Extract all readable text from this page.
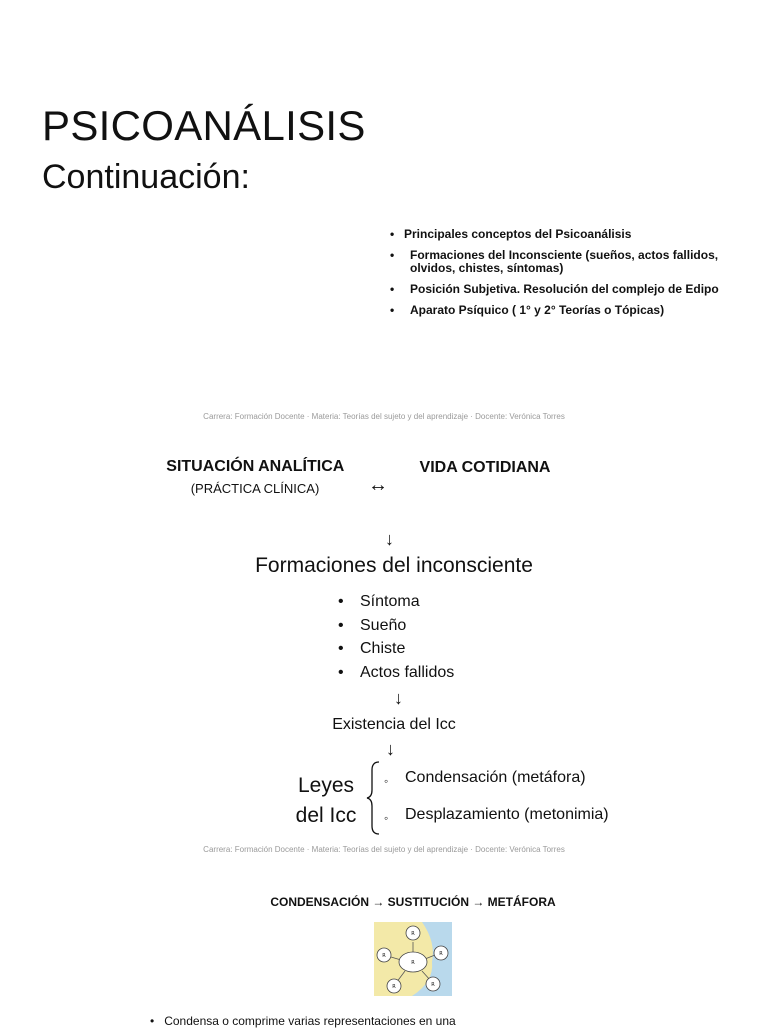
PSICOANÁLISIS
Continuación:
• Principales conceptos del Psicoanálisis
• Formaciones del Inconsciente (sueños, actos fallidos, olvidos, chistes, síntomas)
• Posición Subjetiva. Resolución del complejo de Edipo
• Aparato Psíquico ( 1° y 2° Teorías o Tópicas)
Carrera: Formación Docente · Materia: Teorías del sujeto y del aprendizaje · Docente: Verónica Torres
SITUACIÓN ANALÍTICA (PRÁCTICA CLÍNICA)	↔
VIDA COTIDIANA
↓
Formaciones del inconsciente
• Síntoma
• Sueño
• Chiste
• Actos fallidos
↓
Existencia del Icc
↓
Leyes del Icc
◦ Condensación (metáfora)
◦ Desplazamiento (metonimia)
Carrera: Formación Docente · Materia: Teorías del sujeto y del aprendizaje · Docente: Verónica Torres
CONDENSACIÓN → SUSTITUCIÓN → METÁFORA
R
R
R	R
R	R
• Condensa o comprime varias representaciones en una
